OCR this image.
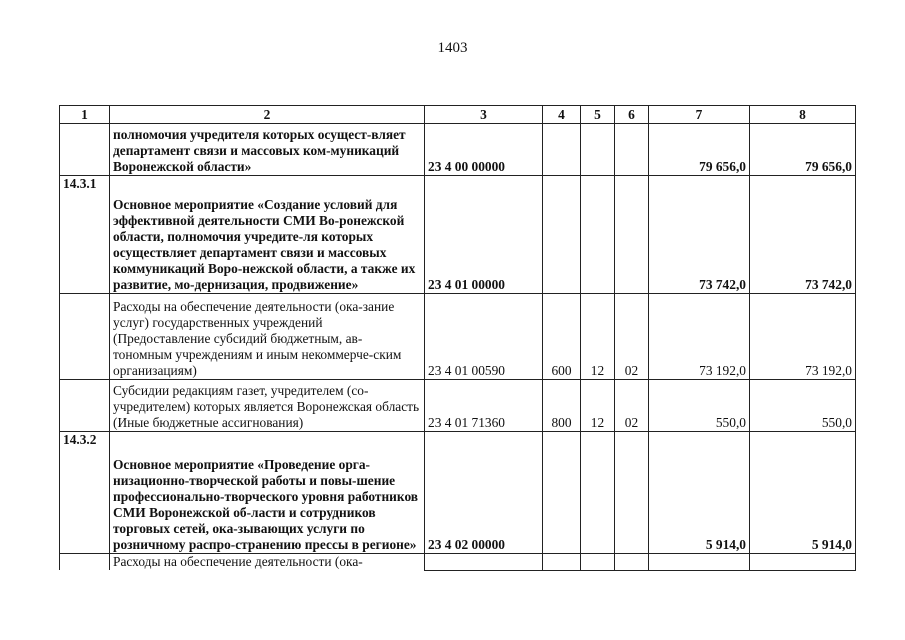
1403
1	2	3	4	5	6	7	8
	полномочия учредителя которых осущест-вляет департамент связи и массовых ком-муникаций Воронежской области»	23 4 00 00000				79 656,0	79 656,0
14.3.1	Основное мероприятие «Создание условий для эффективной деятельности СМИ Во-ронежской области, полномочия учредите-ля которых осуществляет департамент связи и массовых коммуникаций Воро-нежской области, а также их развитие, мо-дернизация, продвижение»	23 4 01 00000				73 742,0	73 742,0
	Расходы на обеспечение деятельности (ока-зание услуг) государственных учреждений (Предоставление субсидий бюджетным, ав-тономным учреждениям и иным некоммерче-ским организациям)	23 4 01 00590	600	12	02	73 192,0	73 192,0
	Субсидии редакциям газет, учредителем (со-учредителем) которых является Воронежская область (Иные бюджетные ассигнования)	23 4 01 71360	800	12	02	550,0	550,0
14.3.2	Основное мероприятие «Проведение орга-низационно-творческой работы и повы-шение профессионально-творческого уровня работников СМИ Воронежской об-ласти и сотрудников торговых сетей, ока-зывающих услуги по розничному распро-странению прессы в регионе»	23 4 02 00000				5 914,0	5 914,0
	Расходы на обеспечение деятельности (ока-						
